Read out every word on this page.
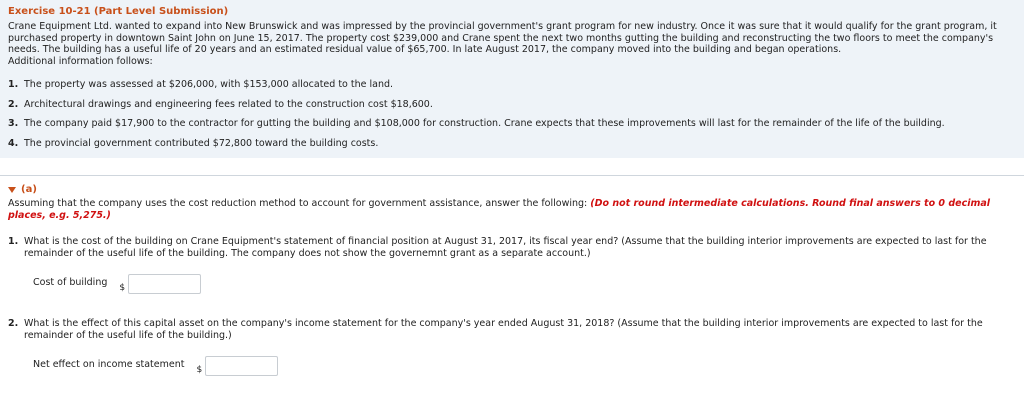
Exercise 10-21 (Part Level Submission)
Crane Equipment Ltd. wanted to expand into New Brunswick and was impressed by the provincial government's grant program for new industry. Once it was sure that it would qualify for the grant program, it purchased property in downtown Saint John on June 15, 2017. The property cost $239,000 and Crane spent the next two months gutting the building and reconstructing the two floors to meet the company's needs. The building has a useful life of 20 years and an estimated residual value of $65,700. In late August 2017, the company moved into the building and began operations.
Additional information follows:
1. The property was assessed at $206,000, with $153,000 allocated to the land.
2. Architectural drawings and engineering fees related to the construction cost $18,600.
3. The company paid $17,900 to the contractor for gutting the building and $108,000 for construction. Crane expects that these improvements will last for the remainder of the life of the building.
4. The provincial government contributed $72,800 toward the building costs.
(a)
Assuming that the company uses the cost reduction method to account for government assistance, answer the following: (Do not round intermediate calculations. Round final answers to 0 decimal places, e.g. 5,275.)
1. What is the cost of the building on Crane Equipment's statement of financial position at August 31, 2017, its fiscal year end? (Assume that the building interior improvements are expected to last for the remainder of the useful life of the building. The company does not show the governemnt grant as a separate account.)
Cost of building $
2. What is the effect of this capital asset on the company's income statement for the company's year ended August 31, 2018? (Assume that the building interior improvements are expected to last for the remainder of the useful life of the building.)
Net effect on income statement $
